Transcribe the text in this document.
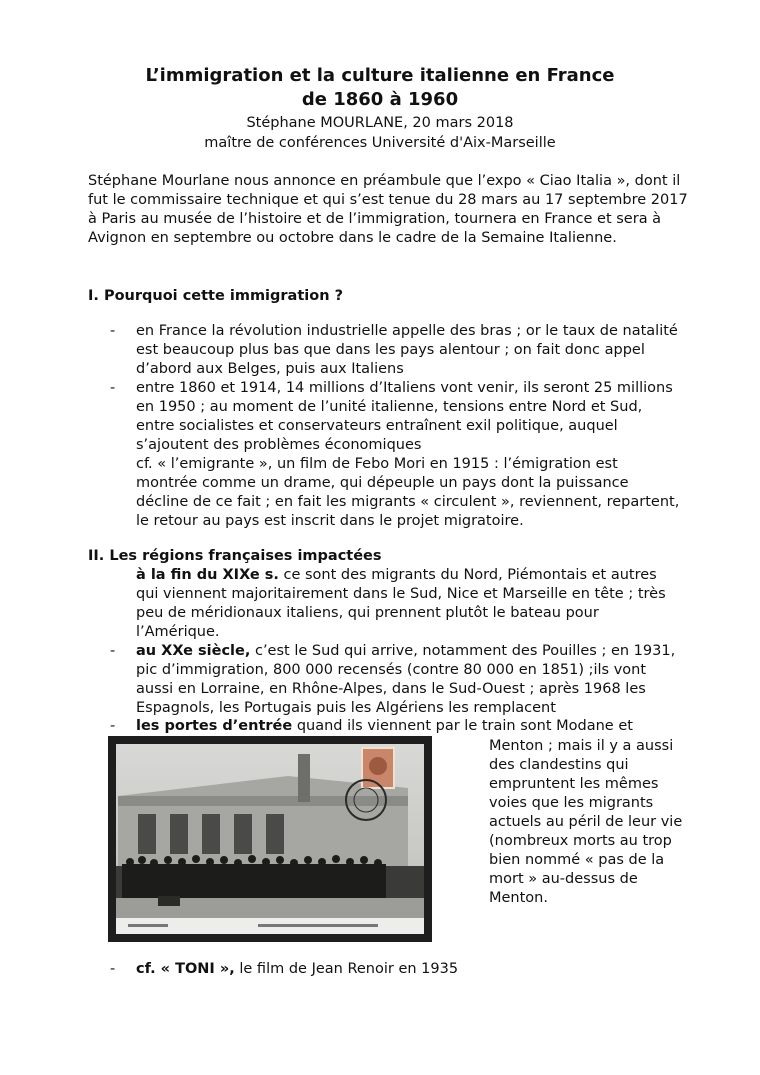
L’immigration et la culture italienne en France
de 1860 à 1960

Stéphane MOURLANE, 20 mars 2018

maître de conférences Université d'Aix-Marseille

Stéphane Mourlane nous annonce en préambule que l’expo « Ciao Italia », dont il fut le commissaire technique et qui s’est tenue du 28 mars au 17 septembre 2017 à Paris au musée de l’histoire et de l’immigration, tournera en France et sera à Avignon en septembre ou octobre dans le cadre de la Semaine Italienne.

I. Pourquoi cette immigration ?

-	en France la révolution industrielle appelle des bras ; or le taux de natalité est beaucoup plus bas que dans les pays alentour ; on fait donc appel d’abord aux Belges, puis aux Italiens

-	entre 1860 et 1914, 14 millions d’Italiens vont venir, ils seront 25 millions en 1950 ; au moment de l’unité italienne, tensions entre Nord et Sud, entre socialistes et conservateurs entraînent exil politique, auquel s’ajoutent des problèmes économiques

cf. « l’emigrante », un film de Febo Mori en 1915 : l’émigration est montrée comme un drame, qui dépeuple un pays dont la puissance décline de ce fait ; en fait les migrants « circulent », reviennent, repartent, le retour au pays est inscrit dans le projet migratoire.

II. Les régions françaises impactées

à la fin du XIXe s. ce sont des migrants du Nord, Piémontais et autres qui viennent majoritairement dans le Sud, Nice et Marseille en tête ; très peu de méridionaux italiens, qui prennent plutôt le bateau pour l’Amérique.

-	au XXe siècle, c’est le Sud qui arrive, notamment des Pouilles ; en 1931, pic d’immigration, 800 000 recensés (contre 80 000 en 1851) ;ils vont aussi en Lorraine, en Rhône-Alpes, dans le Sud-Ouest ; après 1968 les Espagnols, les Portugais puis les Algériens les remplacent

-	les portes d’entrée quand ils viennent par le train sont Modane et

Menton ; mais il y a aussi des clandestins qui empruntent les mêmes voies que les migrants actuels au péril de leur vie (nombreux morts au trop bien nommé « pas de la mort » au-dessus de Menton.

-	cf. « TONI », le film de Jean Renoir en 1935
